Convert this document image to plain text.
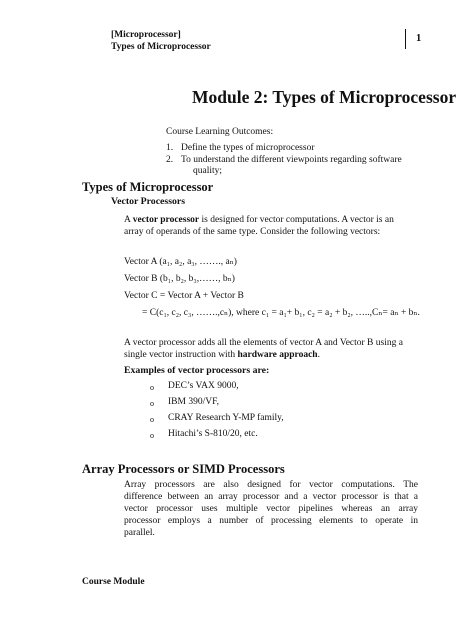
[Microprocessor]
Types of Microprocessor
1
Module 2: Types of Microprocessor
Course Learning Outcomes:
1. Define the types of microprocessor
2. To understand the different viewpoints regarding software
quality;
Types of Microprocessor
Vector Processors
A vector processor is designed for vector computations. A vector is an
array of operands of the same type. Consider the following vectors:
Vector A (a₁, a₂, a₃, ……., aₙ)
Vector B (b₁, b₂, b₃,……, bₙ)
Vector C = Vector A + Vector B
= C(c₁, c₂, c₃, …….,cₙ), where c₁ = a₁+ b₁, c₂ = a₂ + b₂, …..,Cₙ= aₙ + bₙ.
A vector processor adds all the elements of vector A and Vector B using a
single vector instruction with hardware approach.
Examples of vector processors are:
o DEC’s VAX 9000,
o IBM 390/VF,
o CRAY Research Y-MP family,
o Hitachi’s S-810/20, etc.
Array Processors or SIMD Processors
Array processors are also designed for vector computations. The
difference between an array processor and a vector processor is that a
vector processor uses multiple vector pipelines whereas an array
processor employs a number of processing elements to operate in
parallel.
Course Module
